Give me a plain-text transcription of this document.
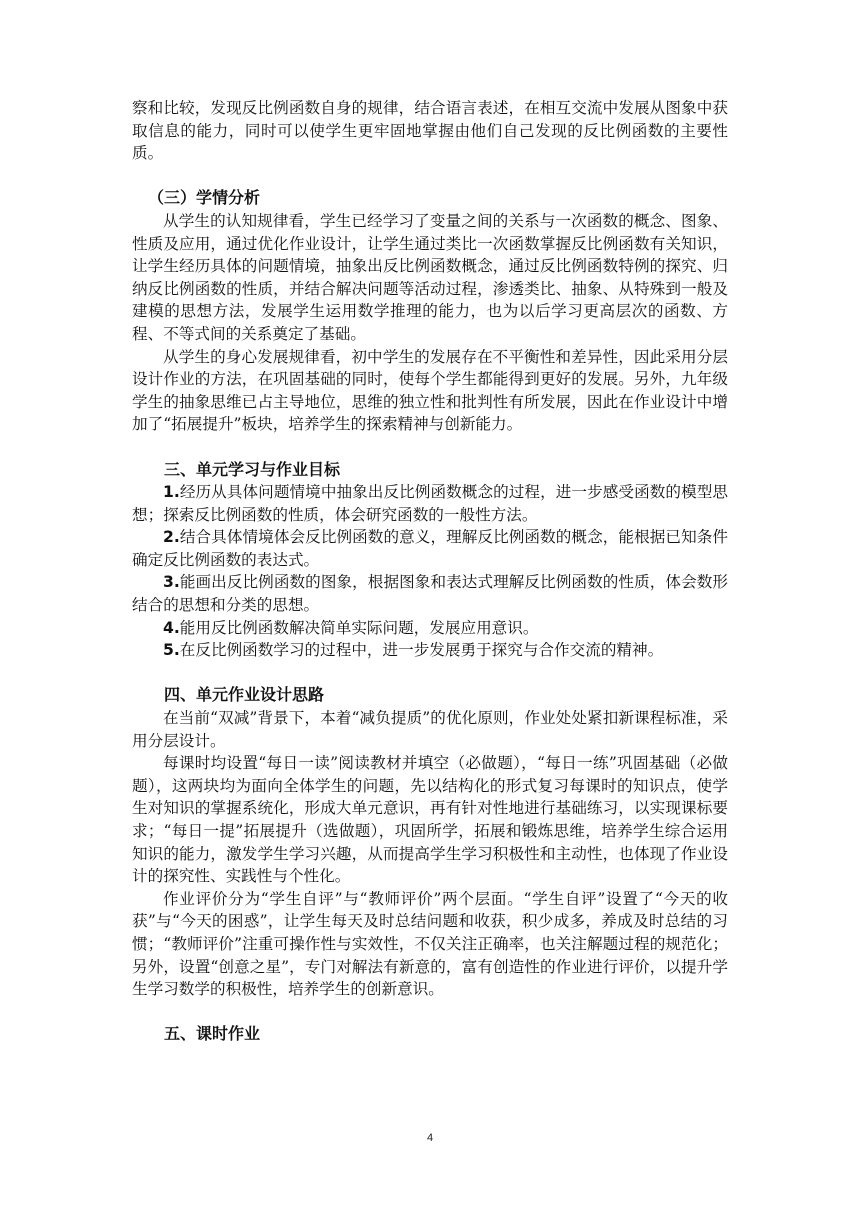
察和比较，发现反比例函数自身的规律，结合语言表述，在相互交流中发展从图象中获取信息的能力，同时可以使学生更牢固地掌握由他们自己发现的反比例函数的主要性质。

（三）学情分析

从学生的认知规律看，学生已经学习了变量之间的关系与一次函数的概念、图象、性质及应用，通过优化作业设计，让学生通过类比一次函数掌握反比例函数有关知识，让学生经历具体的问题情境，抽象出反比例函数概念，通过反比例函数特例的探究、归纳反比例函数的性质，并结合解决问题等活动过程，渗透类比、抽象、从特殊到一般及建模的思想方法，发展学生运用数学推理的能力，也为以后学习更高层次的函数、方程、不等式间的关系奠定了基础。

从学生的身心发展规律看，初中学生的发展存在不平衡性和差异性，因此采用分层设计作业的方法，在巩固基础的同时，使每个学生都能得到更好的发展。另外，九年级学生的抽象思维已占主导地位，思维的独立性和批判性有所发展，因此在作业设计中增加了“拓展提升”板块，培养学生的探索精神与创新能力。

三、单元学习与作业目标

1.经历从具体问题情境中抽象出反比例函数概念的过程，进一步感受函数的模型思想；探索反比例函数的性质，体会研究函数的一般性方法。

2.结合具体情境体会反比例函数的意义，理解反比例函数的概念，能根据已知条件确定反比例函数的表达式。

3.能画出反比例函数的图象，根据图象和表达式理解反比例函数的性质，体会数形结合的思想和分类的思想。

4.能用反比例函数解决简单实际问题，发展应用意识。

5.在反比例函数学习的过程中，进一步发展勇于探究与合作交流的精神。

四、单元作业设计思路

在当前“双减”背景下，本着“减负提质”的优化原则，作业处处紧扣新课程标准，采用分层设计。

每课时均设置“每日一读”阅读教材并填空（必做题），“每日一练”巩固基础（必做题），这两块均为面向全体学生的问题，先以结构化的形式复习每课时的知识点，使学生对知识的掌握系统化，形成大单元意识，再有针对性地进行基础练习，以实现课标要求；“每日一提”拓展提升（选做题），巩固所学，拓展和锻炼思维，培养学生综合运用知识的能力，激发学生学习兴趣，从而提高学生学习积极性和主动性，也体现了作业设计的探究性、实践性与个性化。

作业评价分为“学生自评”与“教师评价”两个层面。“学生自评”设置了“今天的收获”与“今天的困惑”，让学生每天及时总结问题和收获，积少成多，养成及时总结的习惯；“教师评价”注重可操作性与实效性，不仅关注正确率，也关注解题过程的规范化；另外，设置“创意之星”，专门对解法有新意的，富有创造性的作业进行评价，以提升学生学习数学的积极性，培养学生的创新意识。

五、课时作业

4
